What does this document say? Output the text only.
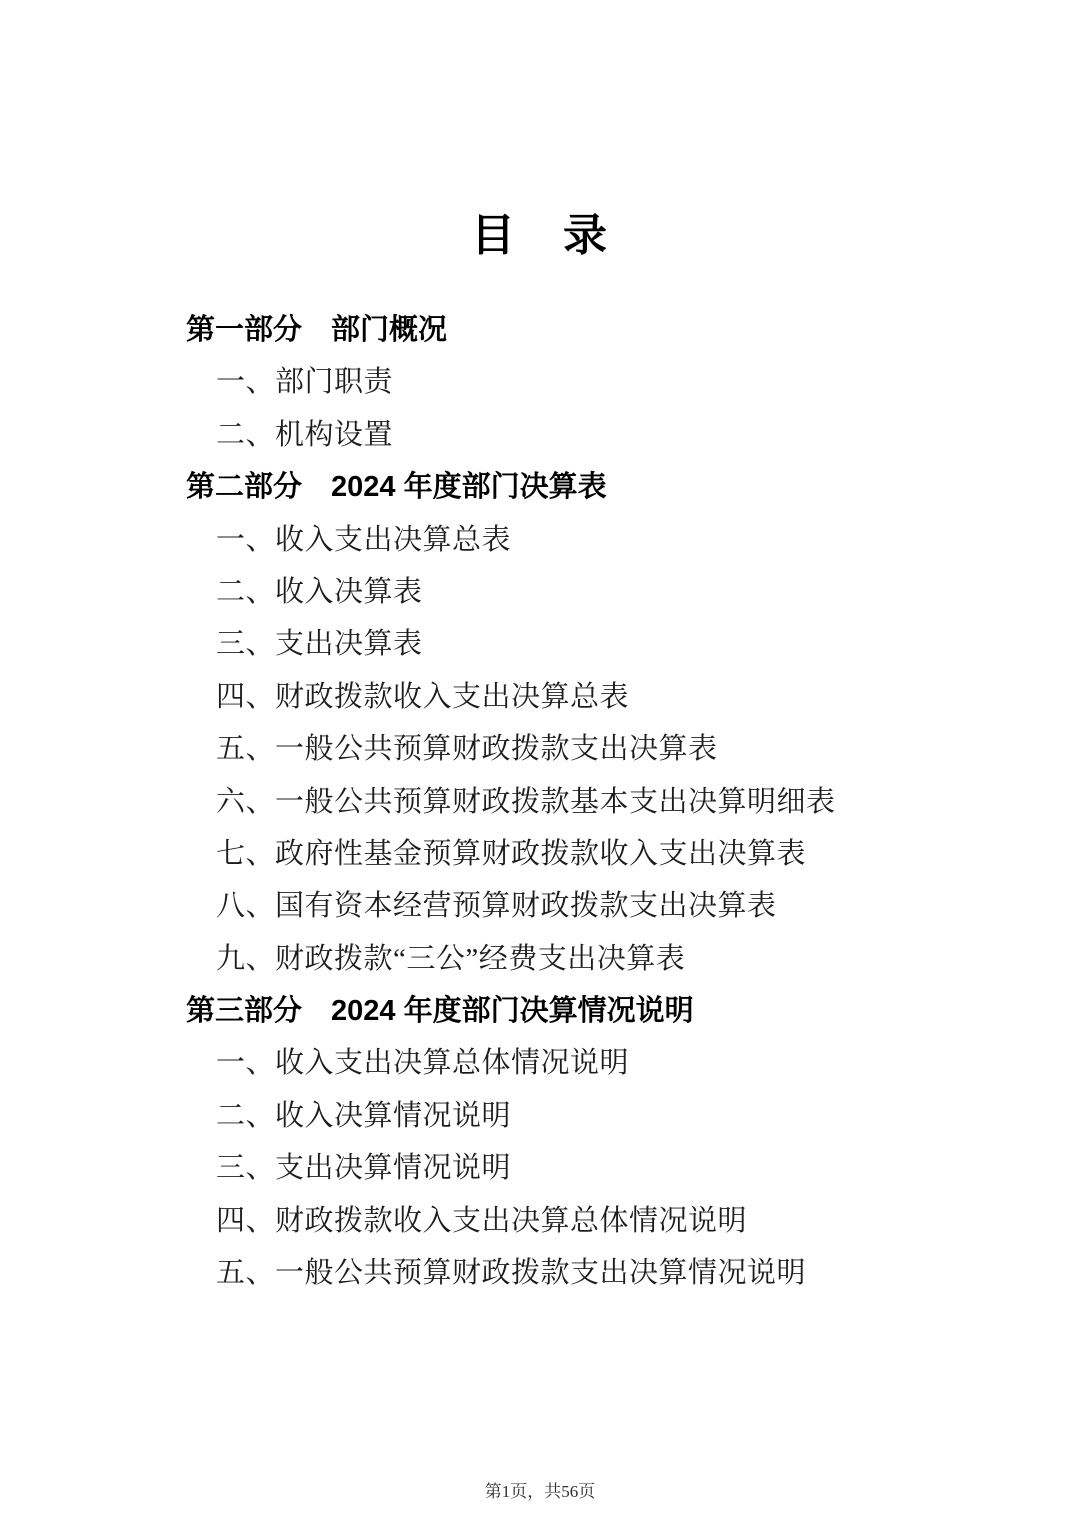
目　录
第一部分　部门概况
一、部门职责
二、机构设置
第二部分　2024 年度部门决算表
一、收入支出决算总表
二、收入决算表
三、支出决算表
四、财政拨款收入支出决算总表
五、一般公共预算财政拨款支出决算表
六、一般公共预算财政拨款基本支出决算明细表
七、政府性基金预算财政拨款收入支出决算表
八、国有资本经营预算财政拨款支出决算表
九、财政拨款“三公”经费支出决算表
第三部分　2024 年度部门决算情况说明
一、收入支出决算总体情况说明
二、收入决算情况说明
三、支出决算情况说明
四、财政拨款收入支出决算总体情况说明
五、一般公共预算财政拨款支出决算情况说明
第1页，共56页
